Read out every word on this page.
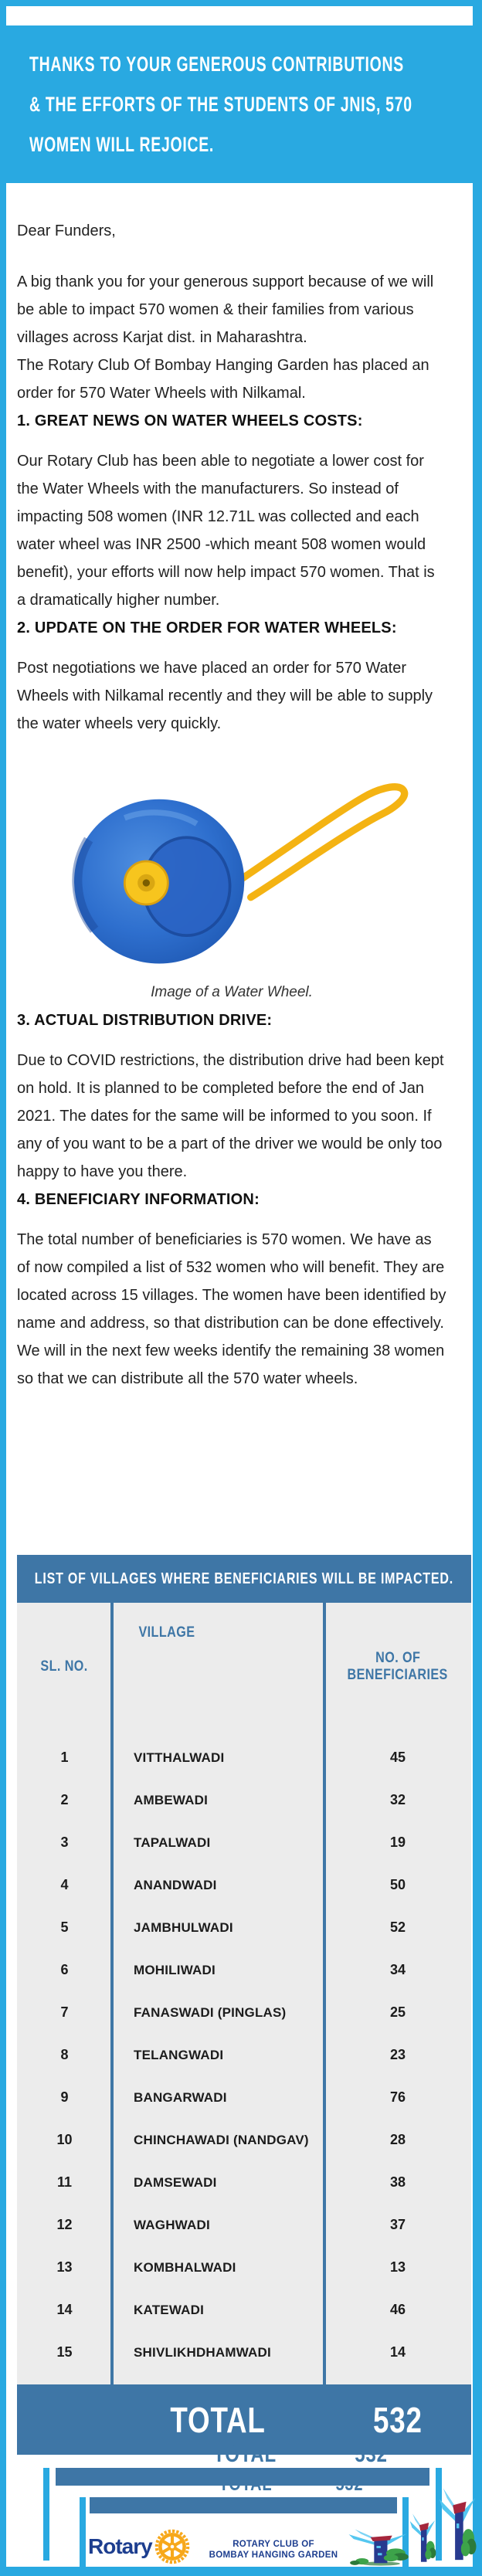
THANKS TO YOUR GENEROUS CONTRIBUTIONS
& THE EFFORTS OF THE STUDENTS OF JNIS, 570
WOMEN WILL REJOICE.

Dear Funders,

A big thank you for your generous support because of we will be able to impact 570 women & their families from various villages across Karjat dist. in Maharashtra.

The Rotary Club Of Bombay Hanging Garden has placed an order for 570 Water Wheels with Nilkamal.

1. GREAT NEWS ON WATER WHEELS COSTS:

Our Rotary Club has been able to negotiate a lower cost for the Water Wheels with the manufacturers. So instead of impacting 508 women (INR 12.71L was collected and each water wheel was INR 2500 -which meant 508 women would benefit), your efforts will now help impact 570 women. That is a dramatically higher number.

2. UPDATE ON THE ORDER FOR WATER WHEELS:

Post negotiations we have placed an order for 570 Water Wheels with Nilkamal recently and they will be able to supply the water wheels very quickly.

Image of a Water Wheel.

3. ACTUAL DISTRIBUTION DRIVE:

Due to COVID restrictions, the distribution drive had been kept on hold. It is planned to be completed before the end of Jan 2021. The dates for the same will be informed to you soon. If any of you want to be a part of the driver we would be only too happy to have you there.

4. BENEFICIARY INFORMATION:

The total number of beneficiaries is 570 women. We have as of now compiled a list of 532 women who will benefit. They are located across 15 villages. The women have been identified by name and address, so that distribution can be done effectively. We will in the next few weeks identify the remaining 38 women so that we can distribute all the 570 water wheels.

LIST OF VILLAGES WHERE BENEFICIARIES WILL BE IMPACTED.
SL. NO.
VILLAGE
NO. OF
BENEFICIARIES
1	VITTHALWADI	45
2	AMBEWADI	32
3	TAPALWADI	19
4	ANANDWADI	50
5	JAMBHULWADI	52
6	MOHILIWADI	34
7	FANASWADI (PINGLAS)	25
8	TELANGWADI	23
9	BANGARWADI	76
10	CHINCHAWADI (NANDGAV)	28
11	DAMSEWADI	38
12	WAGHWADI	37
13	KOMBHALWADI	13
14	KATEWADI	46
15	SHIVLIKHDHAMWADI	14
TOTAL	532
TOTAL	532
TOTAL	532
Rotary	ROTARY CLUB OF
BOMBAY HANGING GARDEN
